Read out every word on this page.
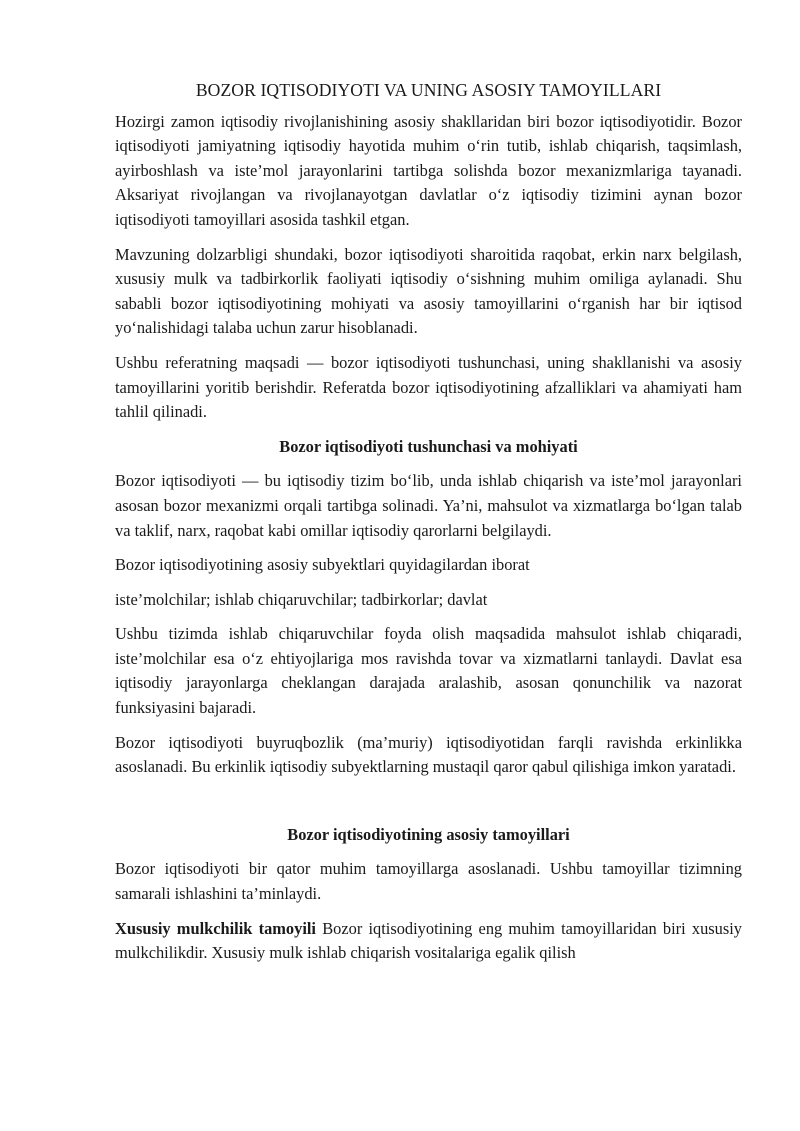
BOZOR IQTISODIYOTI VA UNING ASOSIY TAMOYILLARI

Hozirgi zamon iqtisodiy rivojlanishining asosiy shakllaridan biri bozor iqtisodiyotidir. Bozor iqtisodiyoti jamiyatning iqtisodiy hayotida muhim o‘rin tutib, ishlab chiqarish, taqsimlash, ayirboshlash va iste’mol jarayonlarini tartibga solishda bozor mexanizmlariga tayanadi. Aksariyat rivojlangan va rivojlanayotgan davlatlar o‘z iqtisodiy tizimini aynan bozor iqtisodiyoti tamoyillari asosida tashkil etgan.

Mavzuning dolzarbligi shundaki, bozor iqtisodiyoti sharoitida raqobat, erkin narx belgilash, xususiy mulk va tadbirkorlik faoliyati iqtisodiy o‘sishning muhim omiliga aylanadi. Shu sababli bozor iqtisodiyotining mohiyati va asosiy tamoyillarini o‘rganish har bir iqtisod yo‘nalishidagi talaba uchun zarur hisoblanadi.

Ushbu referatning maqsadi — bozor iqtisodiyoti tushunchasi, uning shakllanishi va asosiy tamoyillarini yoritib berishdir. Referatda bozor iqtisodiyotining afzalliklari va ahamiyati ham tahlil qilinadi.

Bozor iqtisodiyoti tushunchasi va mohiyati

Bozor iqtisodiyoti — bu iqtisodiy tizim bo‘lib, unda ishlab chiqarish va iste’mol jarayonlari asosan bozor mexanizmi orqali tartibga solinadi. Ya’ni, mahsulot va xizmatlarga bo‘lgan talab va taklif, narx, raqobat kabi omillar iqtisodiy qarorlarni belgilaydi.

Bozor iqtisodiyotining asosiy subyektlari quyidagilardan iborat

iste’molchilar; ishlab chiqaruvchilar; tadbirkorlar; davlat

Ushbu tizimda ishlab chiqaruvchilar foyda olish maqsadida mahsulot ishlab chiqaradi, iste’molchilar esa o‘z ehtiyojlariga mos ravishda tovar va xizmatlarni tanlaydi. Davlat esa iqtisodiy jarayonlarga cheklangan darajada aralashib, asosan qonunchilik va nazorat funksiyasini bajaradi.

Bozor iqtisodiyoti buyruqbozlik (ma’muriy) iqtisodiyotidan farqli ravishda erkinlikka asoslanadi. Bu erkinlik iqtisodiy subyektlarning mustaqil qaror qabul qilishiga imkon yaratadi.

Bozor iqtisodiyotining asosiy tamoyillari

Bozor iqtisodiyoti bir qator muhim tamoyillarga asoslanadi. Ushbu tamoyillar tizimning samarali ishlashini ta’minlaydi.

Xususiy mulkchilik tamoyili Bozor iqtisodiyotining eng muhim tamoyillaridan biri xususiy mulkchilikdir. Xususiy mulk ishlab chiqarish vositalariga egalik qilish
